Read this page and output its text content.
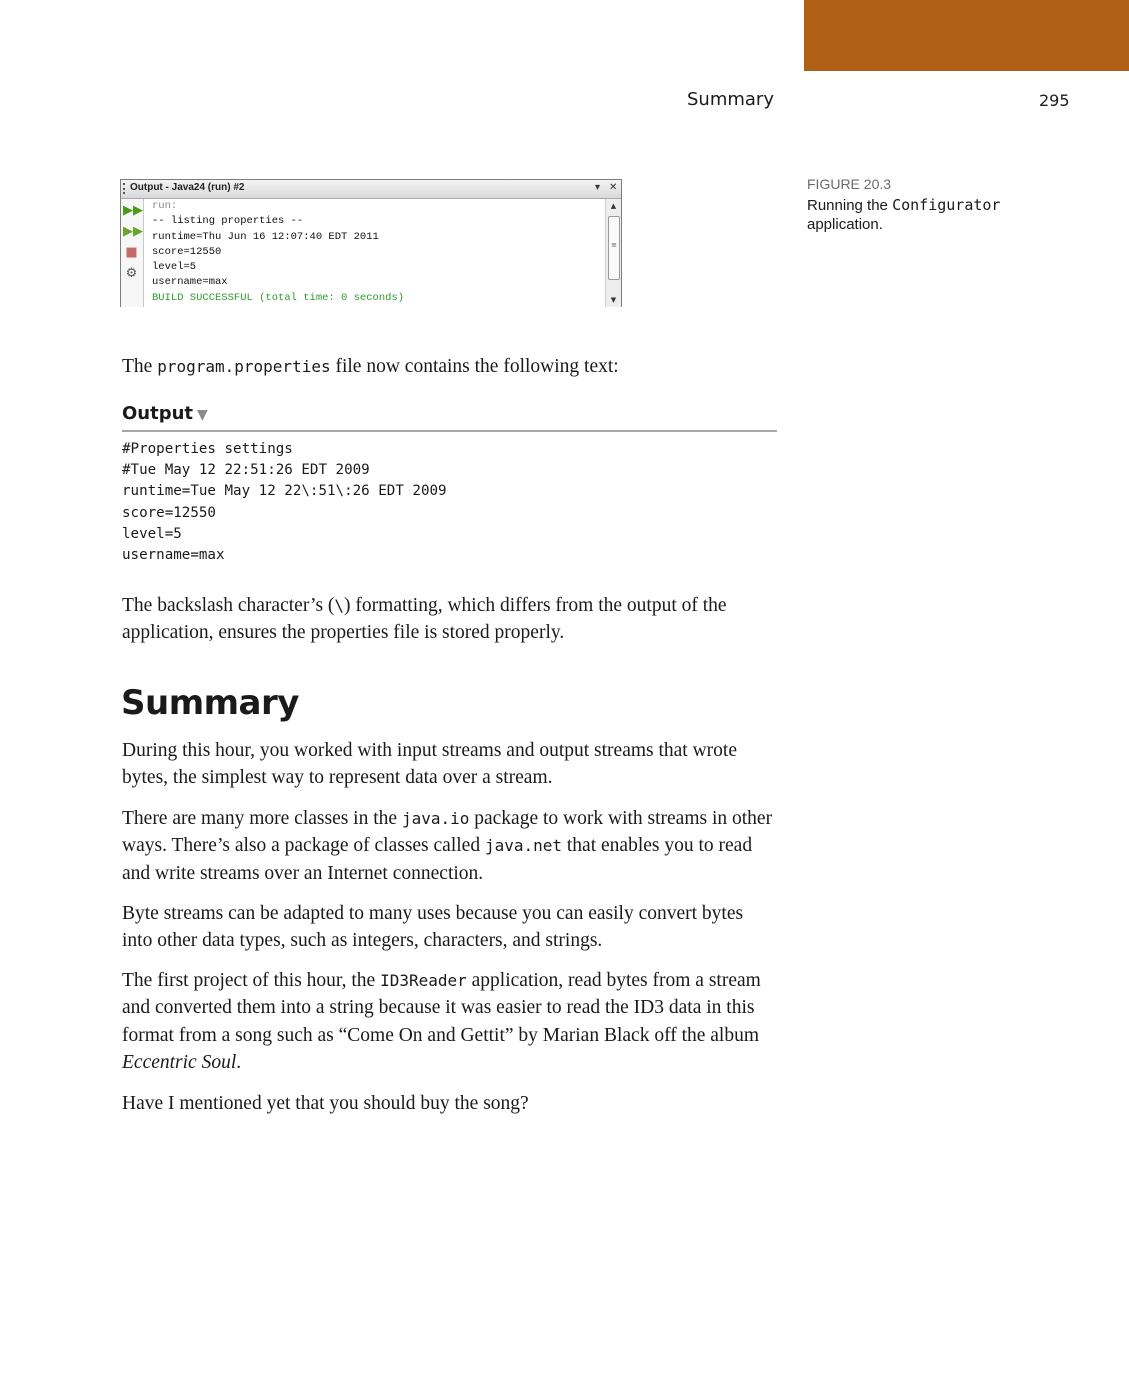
Summary	295
Output - Java24 (run) #2	▾ ✕
▶▶
▶▶
■
⚙
run:
-- listing properties --
runtime=Thu Jun 16 12:07:40 EDT 2011
score=12550
level=5
username=max
BUILD SUCCESSFUL (total time: 0 seconds)
▲
≡
▼
FIGURE 20.3
Running the Configurator
application.

The program.properties file now contains the following text:

Output ▼
#Properties settings
#Tue May 12 22:51:26 EDT 2009
runtime=Tue May 12 22\:51\:26 EDT 2009
score=12550
level=5
username=max

The backslash character’s (\) formatting, which differs from the output of the application, ensures the properties file is stored properly.

Summary

During this hour, you worked with input streams and output streams that wrote bytes, the simplest way to represent data over a stream.

There are many more classes in the java.io package to work with streams in other ways. There’s also a package of classes called java.net that enables you to read and write streams over an Internet connection.

Byte streams can be adapted to many uses because you can easily convert bytes into other data types, such as integers, characters, and strings.

The first project of this hour, the ID3Reader application, read bytes from a stream and converted them into a string because it was easier to read the ID3 data in this format from a song such as “Come On and Gettit” by Marian Black off the album Eccentric Soul.

Have I mentioned yet that you should buy the song?
